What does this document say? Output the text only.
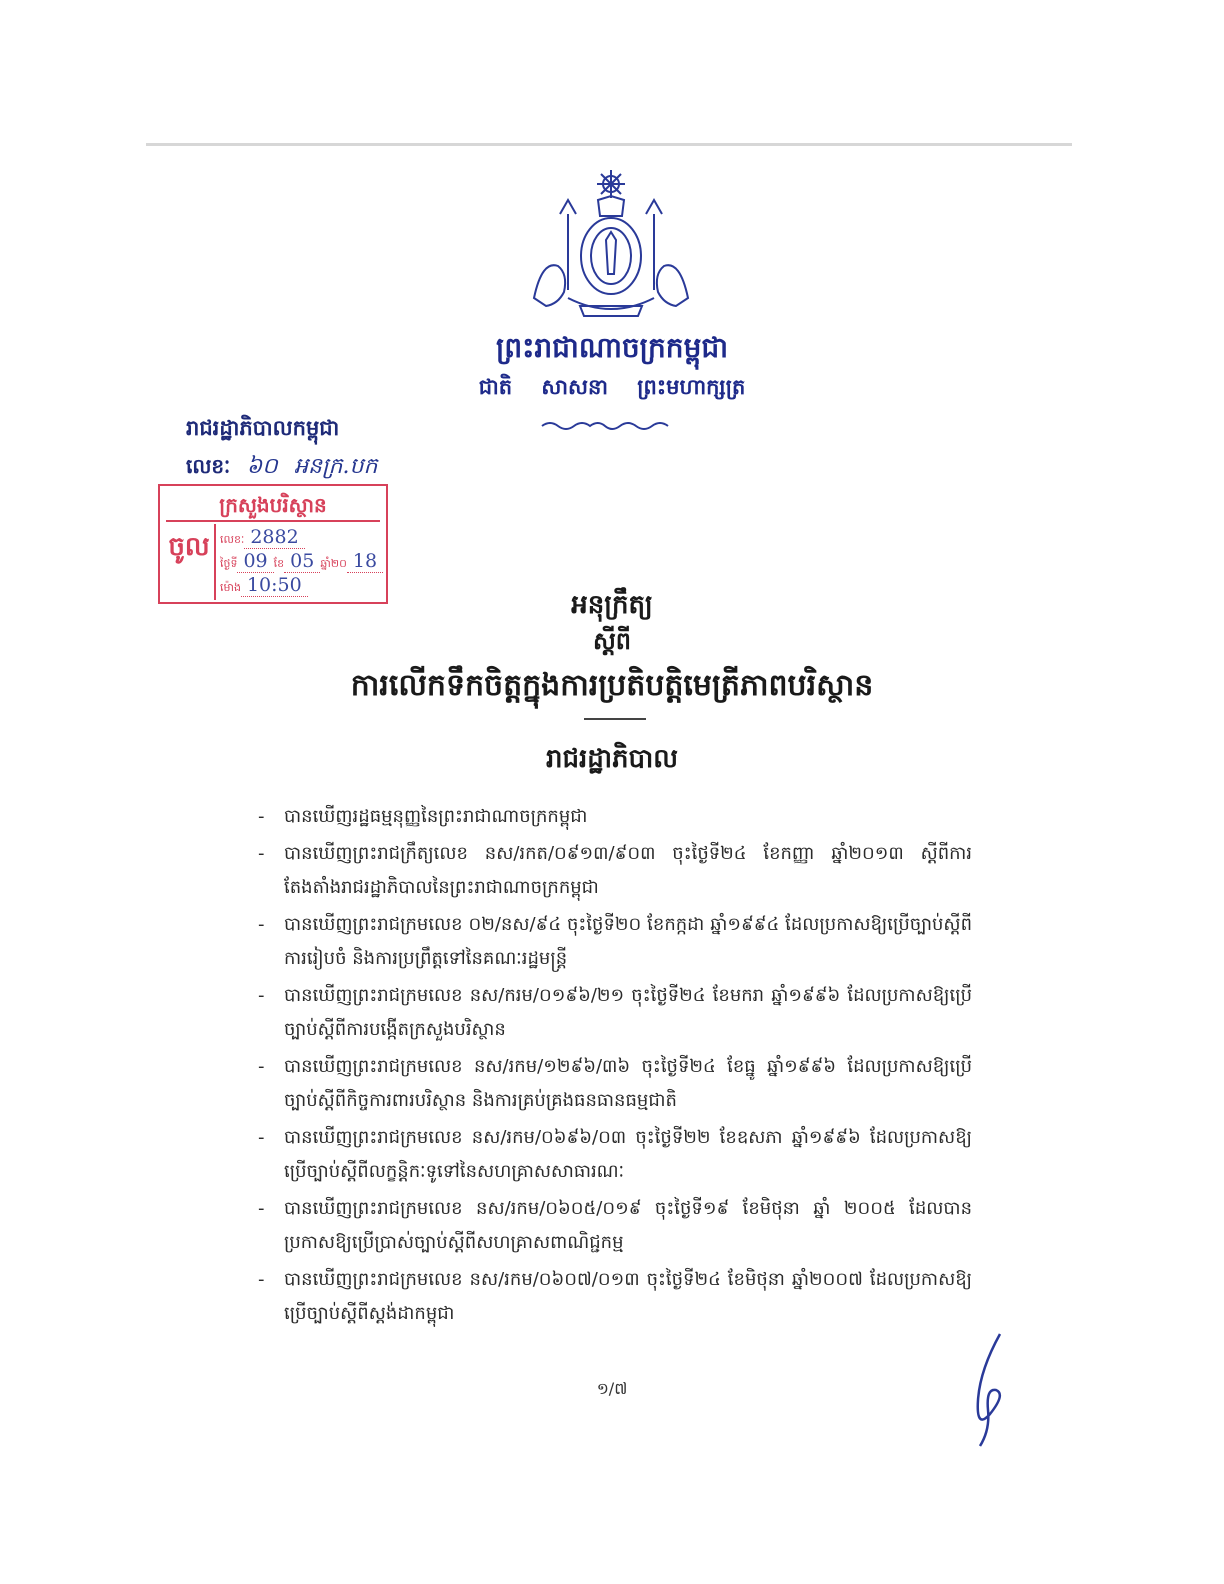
ព្រះរាជាណាចក្រកម្ពុជា
ជាតិ សាសនា ព្រះមហាក្សត្រ
រាជរដ្ឋាភិបាលកម្ពុជា
លេខៈ ៦០ អនក្រ.បក
ក្រសួងបរិស្ថាន
ចូល លេខៈ 2882
ថ្ងៃទី 09 ខែ 05 ឆ្នាំ២០ 18
ម៉ោង 10:50
អនុក្រឹត្យ
ស្តីពី
ការលើកទឹកចិត្តក្នុងការប្រតិបត្តិមេត្រីភាពបរិស្ថាន
រាជរដ្ឋាភិបាល
- បានឃើញរដ្ឋធម្មនុញ្ញនៃព្រះរាជាណាចក្រកម្ពុជា
- បានឃើញព្រះរាជក្រឹត្យលេខ នស/រកត/០៩១៣/៩០៣ ចុះថ្ងៃទី២៤ ខែកញ្ញា ឆ្នាំ២០១៣ ស្តីពីការតែងតាំងរាជរដ្ឋាភិបាលនៃព្រះរាជាណាចក្រកម្ពុជា
- បានឃើញព្រះរាជក្រមលេខ ០២/នស/៩៤ ចុះថ្ងៃទី២០ ខែកក្កដា ឆ្នាំ១៩៩៤ ដែលប្រកាសឱ្យប្រើច្បាប់ស្តីពីការរៀបចំ និងការប្រព្រឹត្តទៅនៃគណៈរដ្ឋមន្ត្រី
- បានឃើញព្រះរាជក្រមលេខ នស/ករម/០១៩៦/២១ ចុះថ្ងៃទី២៤ ខែមករា ឆ្នាំ១៩៩៦ ដែលប្រកាសឱ្យប្រើច្បាប់ស្តីពីការបង្កើតក្រសួងបរិស្ថាន
- បានឃើញព្រះរាជក្រមលេខ នស/រកម/១២៩៦/៣៦ ចុះថ្ងៃទី២៤ ខែធ្នូ ឆ្នាំ១៩៩៦ ដែលប្រកាសឱ្យប្រើច្បាប់ស្តីពីកិច្ចការពារបរិស្ថាន និងការគ្រប់គ្រងធនធានធម្មជាតិ
- បានឃើញព្រះរាជក្រមលេខ នស/រកម/០៦៩៦/០៣ ចុះថ្ងៃទី២២ ខែឧសភា ឆ្នាំ១៩៩៦ ដែលប្រកាសឱ្យប្រើច្បាប់ស្តីពីលក្ខន្តិកៈទូទៅនៃសហគ្រាសសាធារណៈ
- បានឃើញព្រះរាជក្រមលេខ នស/រកម/០៦០៥/០១៩ ចុះថ្ងៃទី១៩ ខែមិថុនា ឆ្នាំ ២០០៥ ដែលបានប្រកាសឱ្យប្រើប្រាស់ច្បាប់ស្តីពីសហគ្រាសពាណិជ្ជកម្ម
- បានឃើញព្រះរាជក្រមលេខ នស/រកម/០៦០៧/០១៣ ចុះថ្ងៃទី២៤ ខែមិថុនា ឆ្នាំ២០០៧ ដែលប្រកាសឱ្យប្រើច្បាប់ស្តីពីស្តង់ដាកម្ពុជា
១/៧
